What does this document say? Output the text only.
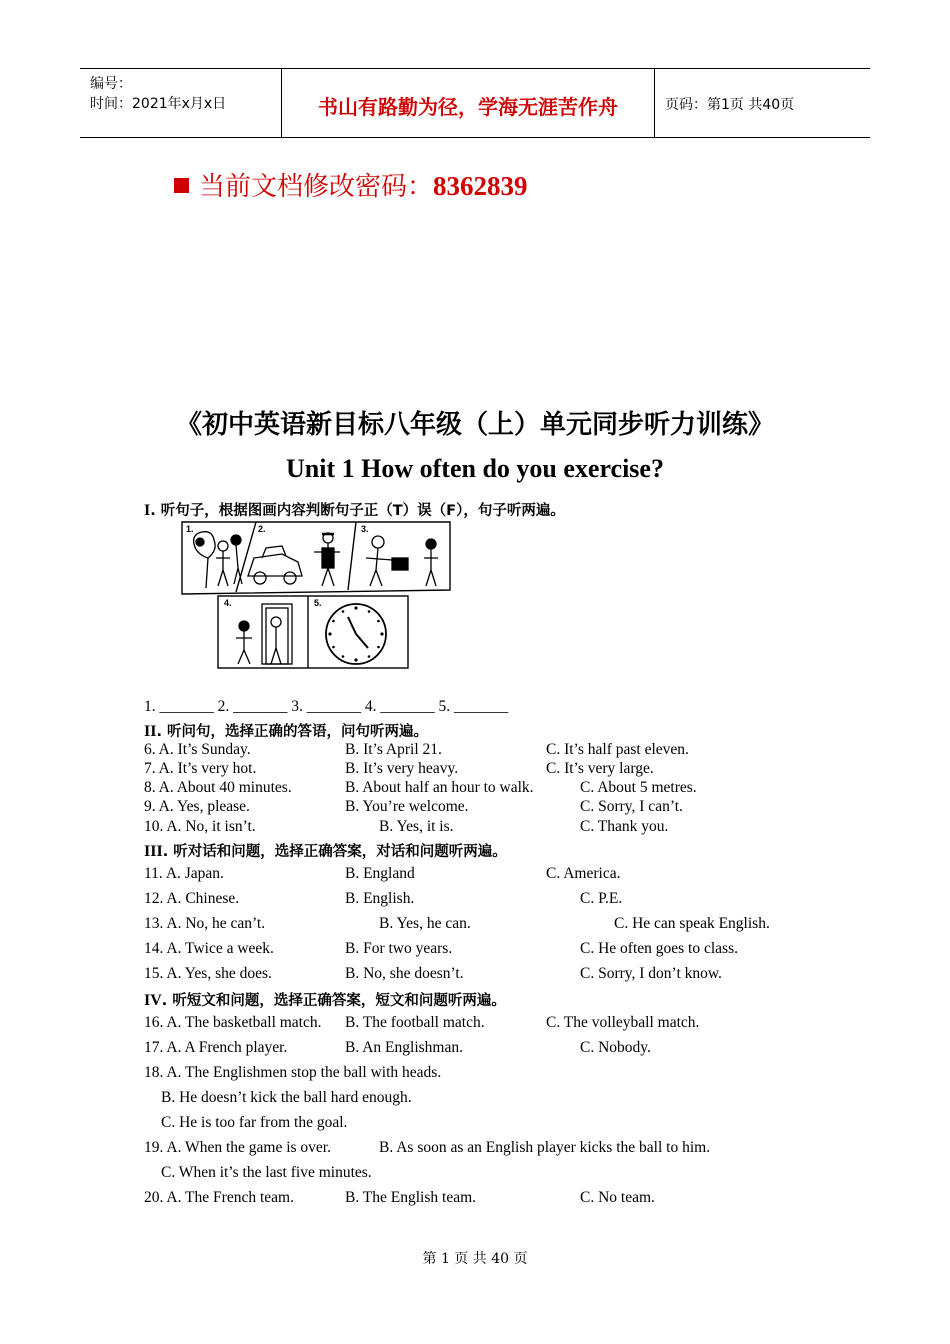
编号：
时间：2021年x月x日	书山有路勤为径，学海无涯苦作舟	页码：第1页 共40页
当前文档修改密码：8362839
《初中英语新目标八年级（上）单元同步听力训练》
Unit 1 How often do you exercise?
I. 听句子，根据图画内容判断句子正（T）误（F），句子听两遍。
1.	2.	3.
4.	5.
1. _______ 2. _______ 3. _______ 4. _______ 5. _______
II. 听问句，选择正确的答语，问句听两遍。
6. A. It’s Sunday.	B. It’s April 21.	C. It’s half past eleven.
7. A. It’s very hot.	B. It’s very heavy.	C. It’s very large.
8. A. About 40 minutes.	B. About half an hour to walk.	C. About 5 metres.
9. A. Yes, please.	B. You’re welcome.	C. Sorry, I can’t.
10. A. No, it isn’t.	B. Yes, it is.	C. Thank you.
III. 听对话和问题，选择正确答案，对话和问题听两遍。
11. A. Japan.	B. England	C. America.
12. A. Chinese.	B. English.	C. P.E.
13. A. No, he can’t.	B. Yes, he can.	C. He can speak English.
14. A. Twice a week.	B. For two years.	C. He often goes to class.
15. A. Yes, she does.	B. No, she doesn’t.	C. Sorry, I don’t know.
IV. 听短文和问题，选择正确答案，短文和问题听两遍。
16. A. The basketball match. B. The football match.	C. The volleyball match.
17. A. A French player.	B. An Englishman.	C. Nobody.
18. A. The Englishmen stop the ball with heads.
B. He doesn’t kick the ball hard enough.
C. He is too far from the goal.
19. A. When the game is over.	B. As soon as an English player kicks the ball to him.
C. When it’s the last five minutes.
20. A. The French team.	B. The English team.	C. No team.
第 1 页 共 40 页
